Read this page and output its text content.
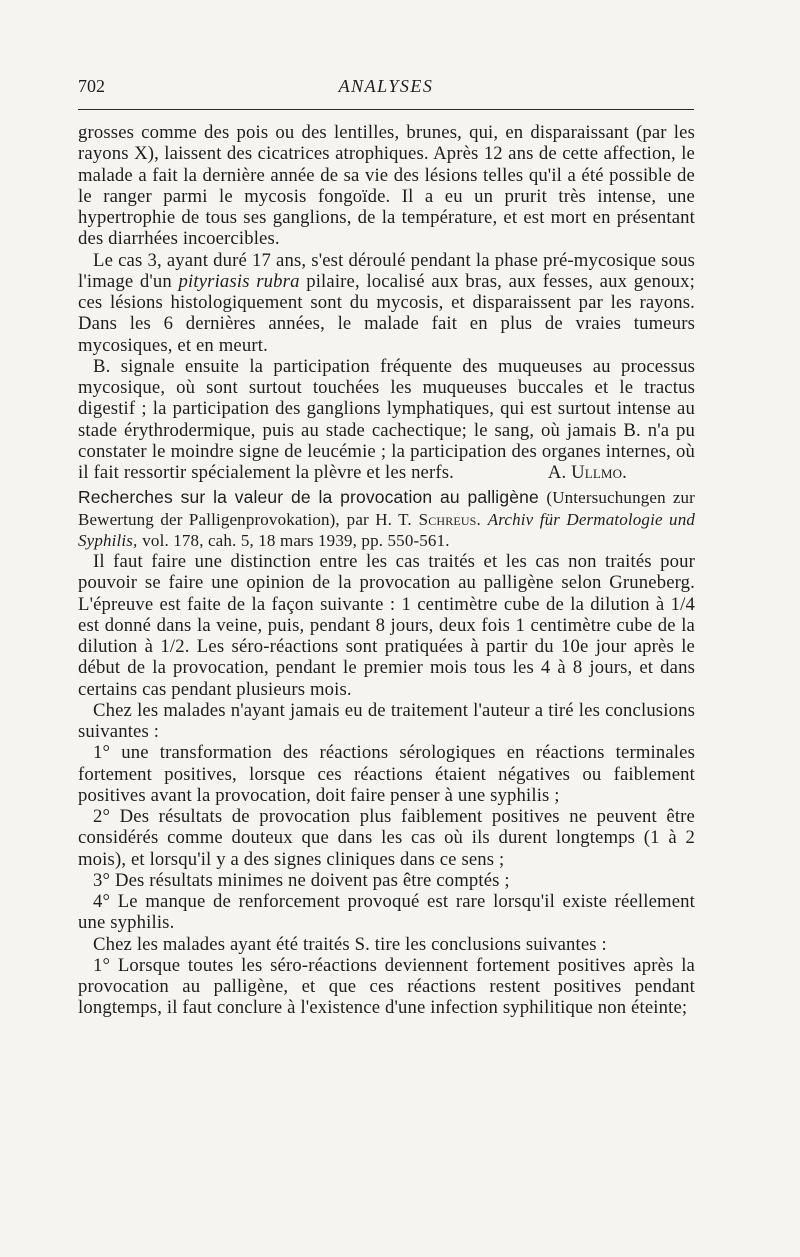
702	ANALYSES

grosses comme des pois ou des lentilles, brunes, qui, en disparaissant (par les rayons X), laissent des cicatrices atrophiques. Après 12 ans de cette affection, le malade a fait la dernière année de sa vie des lésions telles qu'il a été possible de le ranger parmi le mycosis fongoïde. Il a eu un prurit très intense, une hypertrophie de tous ses ganglions, de la température, et est mort en présentant des diarrhées incoercibles.

Le cas 3, ayant duré 17 ans, s'est déroulé pendant la phase pré-mycosique sous l'image d'un pityriasis rubra pilaire, localisé aux bras, aux fesses, aux genoux; ces lésions histologiquement sont du mycosis, et disparaissent par les rayons. Dans les 6 dernières années, le malade fait en plus de vraies tumeurs mycosiques, et en meurt.

B. signale ensuite la participation fréquente des muqueuses au processus mycosique, où sont surtout touchées les muqueuses buccales et le tractus digestif ; la participation des ganglions lymphatiques, qui est surtout intense au stade érythrodermique, puis au stade cachectique; le sang, où jamais B. n'a pu constater le moindre signe de leucémie ; la participation des organes internes, où il fait ressortir spécialement la plèvre et les nerfs.	A. Ullmo.

Recherches sur la valeur de la provocation au palligène (Untersuchungen zur Bewertung der Palligenprovokation), par H. T. Schreus. Archiv für Dermatologie und Syphilis, vol. 178, cah. 5, 18 mars 1939, pp. 550-561.

Il faut faire une distinction entre les cas traités et les cas non traités pour pouvoir se faire une opinion de la provocation au palligène selon Gruneberg. L'épreuve est faite de la façon suivante : 1 centimètre cube de la dilution à 1/4 est donné dans la veine, puis, pendant 8 jours, deux fois 1 centimètre cube de la dilution à 1/2. Les séro-réactions sont pratiquées à partir du 10e jour après le début de la provocation, pendant le premier mois tous les 4 à 8 jours, et dans certains cas pendant plusieurs mois.

Chez les malades n'ayant jamais eu de traitement l'auteur a tiré les conclusions suivantes :

1° une transformation des réactions sérologiques en réactions terminales fortement positives, lorsque ces réactions étaient négatives ou faiblement positives avant la provocation, doit faire penser à une syphilis ;

2° Des résultats de provocation plus faiblement positives ne peuvent être considérés comme douteux que dans les cas où ils durent longtemps (1 à 2 mois), et lorsqu'il y a des signes cliniques dans ce sens ;

3° Des résultats minimes ne doivent pas être comptés ;

4° Le manque de renforcement provoqué est rare lorsqu'il existe réellement une syphilis.

Chez les malades ayant été traités S. tire les conclusions suivantes :

1° Lorsque toutes les séro-réactions deviennent fortement positives après la provocation au palligène, et que ces réactions restent positives pendant longtemps, il faut conclure à l'existence d'une infection syphilitique non éteinte;
